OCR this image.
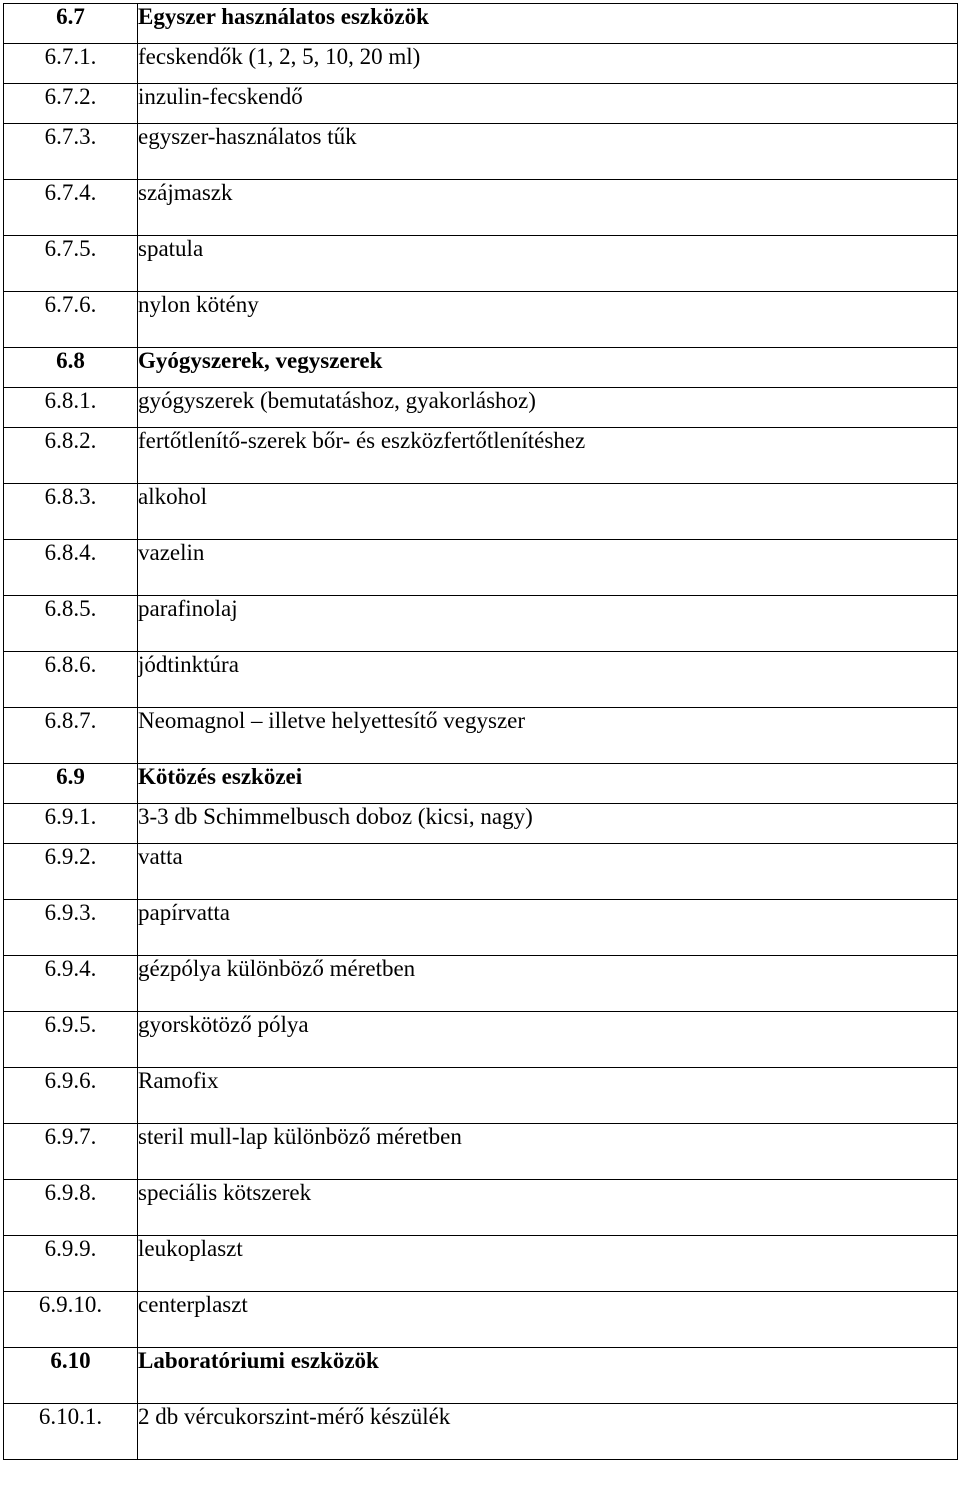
6.7	Egyszer használatos eszközök
6.7.1.	fecskendők (1, 2, 5, 10, 20 ml)
6.7.2.	inzulin-fecskendő
6.7.3.	egyszer-használatos tűk
6.7.4.	szájmaszk
6.7.5.	spatula
6.7.6.	nylon kötény
6.8	Gyógyszerek, vegyszerek
6.8.1.	gyógyszerek (bemutatáshoz, gyakorláshoz)
6.8.2.	fertőtlenítő-szerek bőr- és eszközfertőtlenítéshez
6.8.3.	alkohol
6.8.4.	vazelin
6.8.5.	parafinolaj
6.8.6.	jódtinktúra
6.8.7.	Neomagnol – illetve helyettesítő vegyszer
6.9	Kötözés eszközei
6.9.1.	3-3 db Schimmelbusch doboz (kicsi, nagy)
6.9.2.	vatta
6.9.3.	papírvatta
6.9.4.	gézpólya különböző méretben
6.9.5.	gyorskötöző pólya
6.9.6.	Ramofix
6.9.7.	steril mull-lap különböző méretben
6.9.8.	speciális kötszerek
6.9.9.	leukoplaszt
6.9.10.	centerplaszt
6.10	Laboratóriumi eszközök
6.10.1.	2 db vércukorszint-mérő készülék
